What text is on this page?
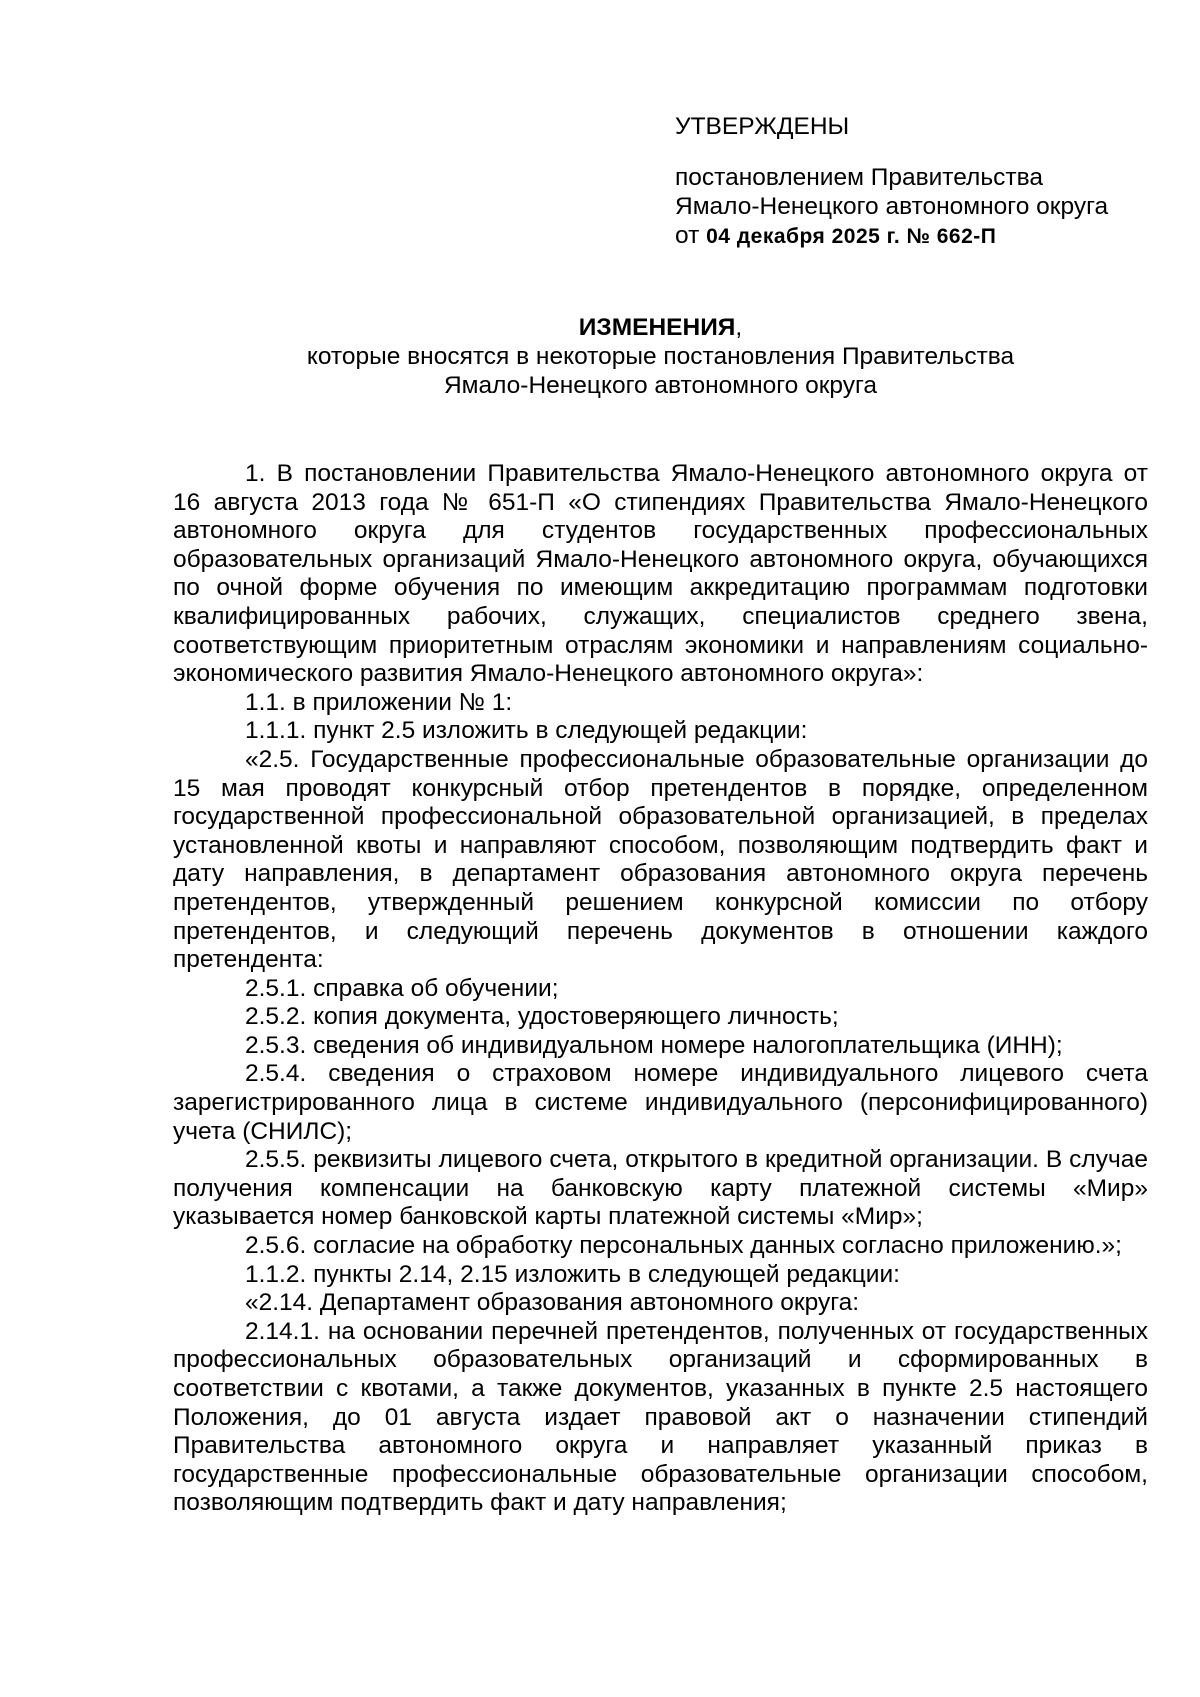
УТВЕРЖДЕНЫ
постановлением Правительства
Ямало-Ненецкого автономного округа
от 04 декабря 2025 г. № 662-П
ИЗМЕНЕНИЯ,
которые вносятся в некоторые постановления Правительства
Ямало-Ненецкого автономного округа

1. В постановлении Правительства Ямало-Ненецкого автономного округа от 16 августа 2013 года № 651-П «О стипендиях Правительства Ямало-Ненецкого автономного округа для студентов государственных профессиональных образовательных организаций Ямало-Ненецкого автономного округа, обучающихся по очной форме обучения по имеющим аккредитацию программам подготовки квалифицированных рабочих, служащих, специалистов среднего звена, соответствующим приоритетным отраслям экономики и направлениям социально-экономического развития Ямало-Ненецкого автономного округа»:

1.1. в приложении № 1:

1.1.1. пункт 2.5 изложить в следующей редакции:

«2.5. Государственные профессиональные образовательные организации до 15 мая проводят конкурсный отбор претендентов в порядке, определенном государственной профессиональной образовательной организацией, в пределах установленной квоты и направляют способом, позволяющим подтвердить факт и дату направления, в департамент образования автономного округа перечень претендентов, утвержденный решением конкурсной комиссии по отбору претендентов, и следующий перечень документов в отношении каждого претендента:

2.5.1. справка об обучении;

2.5.2. копия документа, удостоверяющего личность;

2.5.3. сведения об индивидуальном номере налогоплательщика (ИНН);

2.5.4. сведения о страховом номере индивидуального лицевого счета зарегистрированного лица в системе индивидуального (персонифицированного) учета (СНИЛС);

2.5.5. реквизиты лицевого счета, открытого в кредитной организации. В случае получения компенсации на банковскую карту платежной системы «Мир» указывается номер банковской карты платежной системы «Мир»;

2.5.6. согласие на обработку персональных данных согласно приложению.»;

1.1.2. пункты 2.14, 2.15 изложить в следующей редакции:

«2.14. Департамент образования автономного округа:

2.14.1. на основании перечней претендентов, полученных от государственных профессиональных образовательных организаций и сформированных в соответствии с квотами, а также документов, указанных в пункте 2.5 настоящего Положения, до 01 августа издает правовой акт о назначении стипендий Правительства автономного округа и направляет указанный приказ в государственные профессиональные образовательные организации способом, позволяющим подтвердить факт и дату направления;
